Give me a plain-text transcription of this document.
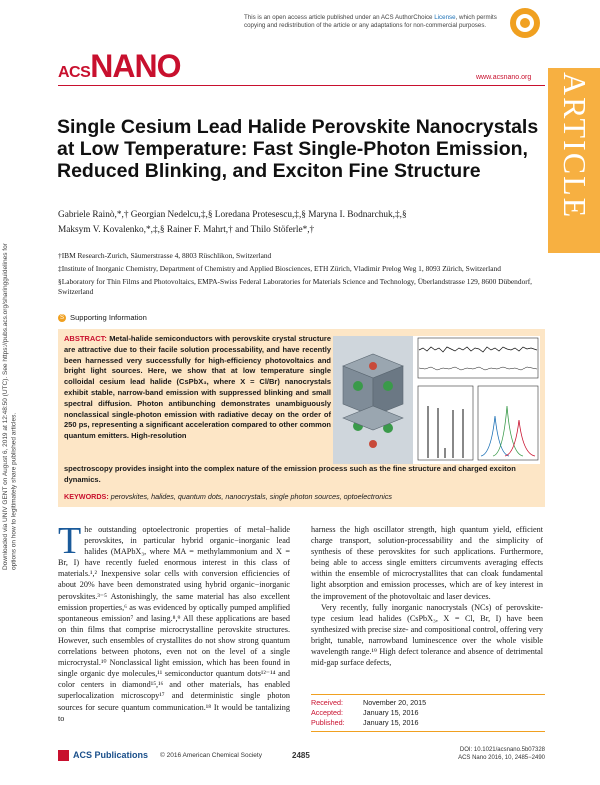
This is an open access article published under an ACS AuthorChoice License, which permits copying and redistribution of the article or any adaptations for non-commercial purposes.
ACSNANO	www.acsnano.org ARTICLE
Downloaded via UNIV GENT on August 6, 2019 at 12:48:50 (UTC). See https://pubs.acs.org/sharingguidelines for options on how to legitimately share published articles.
Single Cesium Lead Halide Perovskite Nanocrystals at Low Temperature: Fast Single-Photon Emission, Reduced Blinking, and Exciton Fine Structure
Gabriele Rainò,*,† Georgian Nedelcu,‡,§ Loredana Protesescu,‡,§ Maryna I. Bodnarchuk,‡,§
Maksym V. Kovalenko,*,‡,§ Rainer F. Mahrt,† and Thilo Stöferle*,†

†IBM Research-Zurich, Säumerstrasse 4, 8803 Rüschlikon, Switzerland

‡Institute of Inorganic Chemistry, Department of Chemistry and Applied Biosciences, ETH Zürich, Vladimir Prelog Weg 1, 8093 Zürich, Switzerland

§Laboratory for Thin Films and Photovoltaics, EMPA-Swiss Federal Laboratories for Materials Science and Technology, Überlandstrasse 129, 8600 Dübendorf, Switzerland

S Supporting Information
ABSTRACT: Metal-halide semiconductors with perovskite crystal structure are attractive due to their facile solution processability, and have recently been harnessed very successfully for high-efficiency photovoltaics and bright light sources. Here, we show that at low temperature single colloidal cesium lead halide (CsPbX₃, where X = Cl/Br) nanocrystals exhibit stable, narrow-band emission with suppressed blinking and small spectral diffusion. Photon antibunching demonstrates unambiguously nonclassical single-photon emission with radiative decay on the order of 250 ps, representing a significant acceleration compared to other common quantum emitters. High-resolution
spectroscopy provides insight into the complex nature of the emission process such as the fine structure and charged exciton dynamics.
KEYWORDS: perovskites, halides, quantum dots, nanocrystals, single photon sources, optoelectronics

The outstanding optoelectronic properties of metal−halide perovskites, in particular hybrid organic−inorganic lead halides (MAPbX₃, where MA = methylammonium and X = Br, I) have recently fueled enormous interest in this class of materials.¹,² Inexpensive solar cells with conversion efficiencies of about 20% have been demonstrated using hybrid organic−inorganic perovskites.³⁻⁵ Astonishingly, the same material has also excellent emission properties,⁶ as was evidenced by optically pumped amplified spontaneous emission⁷ and lasing.⁸,⁹ All these applications are based on thin films that comprise microcrystalline perovskite structures. However, such ensembles of crystallites do not show strong quantum correlations between photons, even not on the level of a single microcrystal.¹⁰ Nonclassical light emission, which has been found in single organic dye molecules,¹¹ semiconductor quantum dots¹²⁻¹⁴ and color centers in diamond¹⁵,¹⁶ and other materials, has enabled superlocalization microscopy¹⁷ and deterministic single photon sources for secure quantum communication.¹⁸ It would be tantalizing to

harness the high oscillator strength, high quantum yield, efficient charge transport, solution-processability and the simplicity of synthesis of these perovskites for such applications. Furthermore, being able to access single emitters circumvents averaging effects within the ensemble of microcrystallites that can cloak fundamental light absorption and emission processes, which are of key interest in the improvement of the photovoltaic and laser devices.

Very recently, fully inorganic nanocrystals (NCs) of perovskite-type cesium lead halides (CsPbX₃, X = Cl, Br, I) have been synthesized with precise size- and compositional control, offering very bright, tunable, narrowband luminescence over the whole visible wavelength range.¹⁹ High defect tolerance and absence of detrimental mid-gap surface defects,

Received:	November 20, 2015
Accepted:	January 15, 2016
Published:	January 15, 2016
ACS Publications © 2016 American Chemical Society	2485
DOI: 10.1021/acsnano.5b07328
ACS Nano 2016, 10, 2485−2490
